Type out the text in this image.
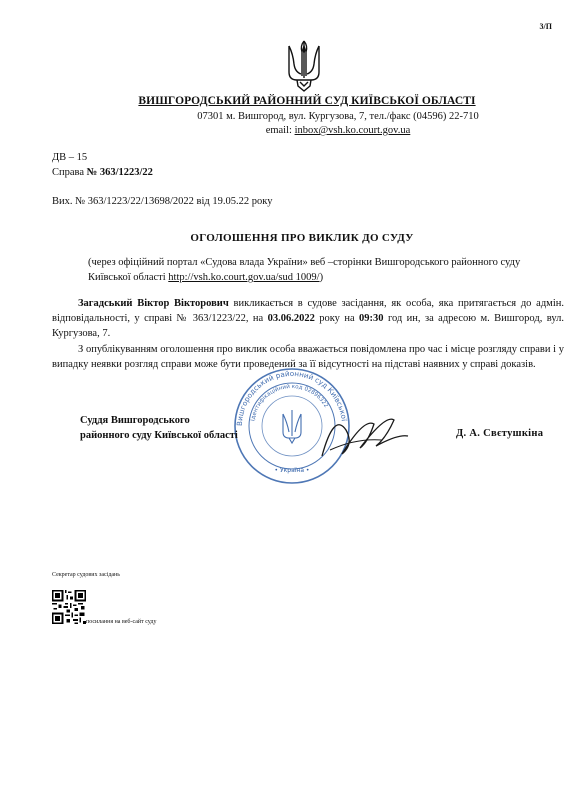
3/П
ВИШГОРОДСЬКИЙ РАЙОННИЙ СУД КИЇВСЬКОЇ ОБЛАСТІ
07301 м. Вишгород, вул. Кургузова, 7, тел./факс (04596) 22-710
email: inbox@vsh.ko.court.gov.ua
ДВ – 15
Справа № 363/1223/22
Вих. № 363/1223/22/13698/2022 від 19.05.22 року
ОГОЛОШЕННЯ ПРО ВИКЛИК ДО СУДУ
(через офіційний портал «Судова влада України» веб –сторінки Вишгородського районного суду Київської області http://vsh.ko.court.gov.ua/sud 1009/)
Загадський Віктор Вікторович викликається в судове засідання, як особа, яка притягається до адмін. відповідальності, у справі № 363/1223/22, на 03.06.2022 року на 09:30 год ин, за адресою м. Вишгород, вул. Кургузова, 7.
З опублікуванням оголошення про виклик особа вважається повідомлена про час і місце розгляду справи і у випадку неявки розгляд справи може бути проведений за її відсутності на підставі наявних у справі доказів.
Вишгородський районний суд Київської
Ідентифікаційний код 02896322
• Україна •
Суддя Вишгородського
районного суду Київської області	Д. А. Свєтушкіна
Секретар судових засідань
посилання на веб-сайт суду
